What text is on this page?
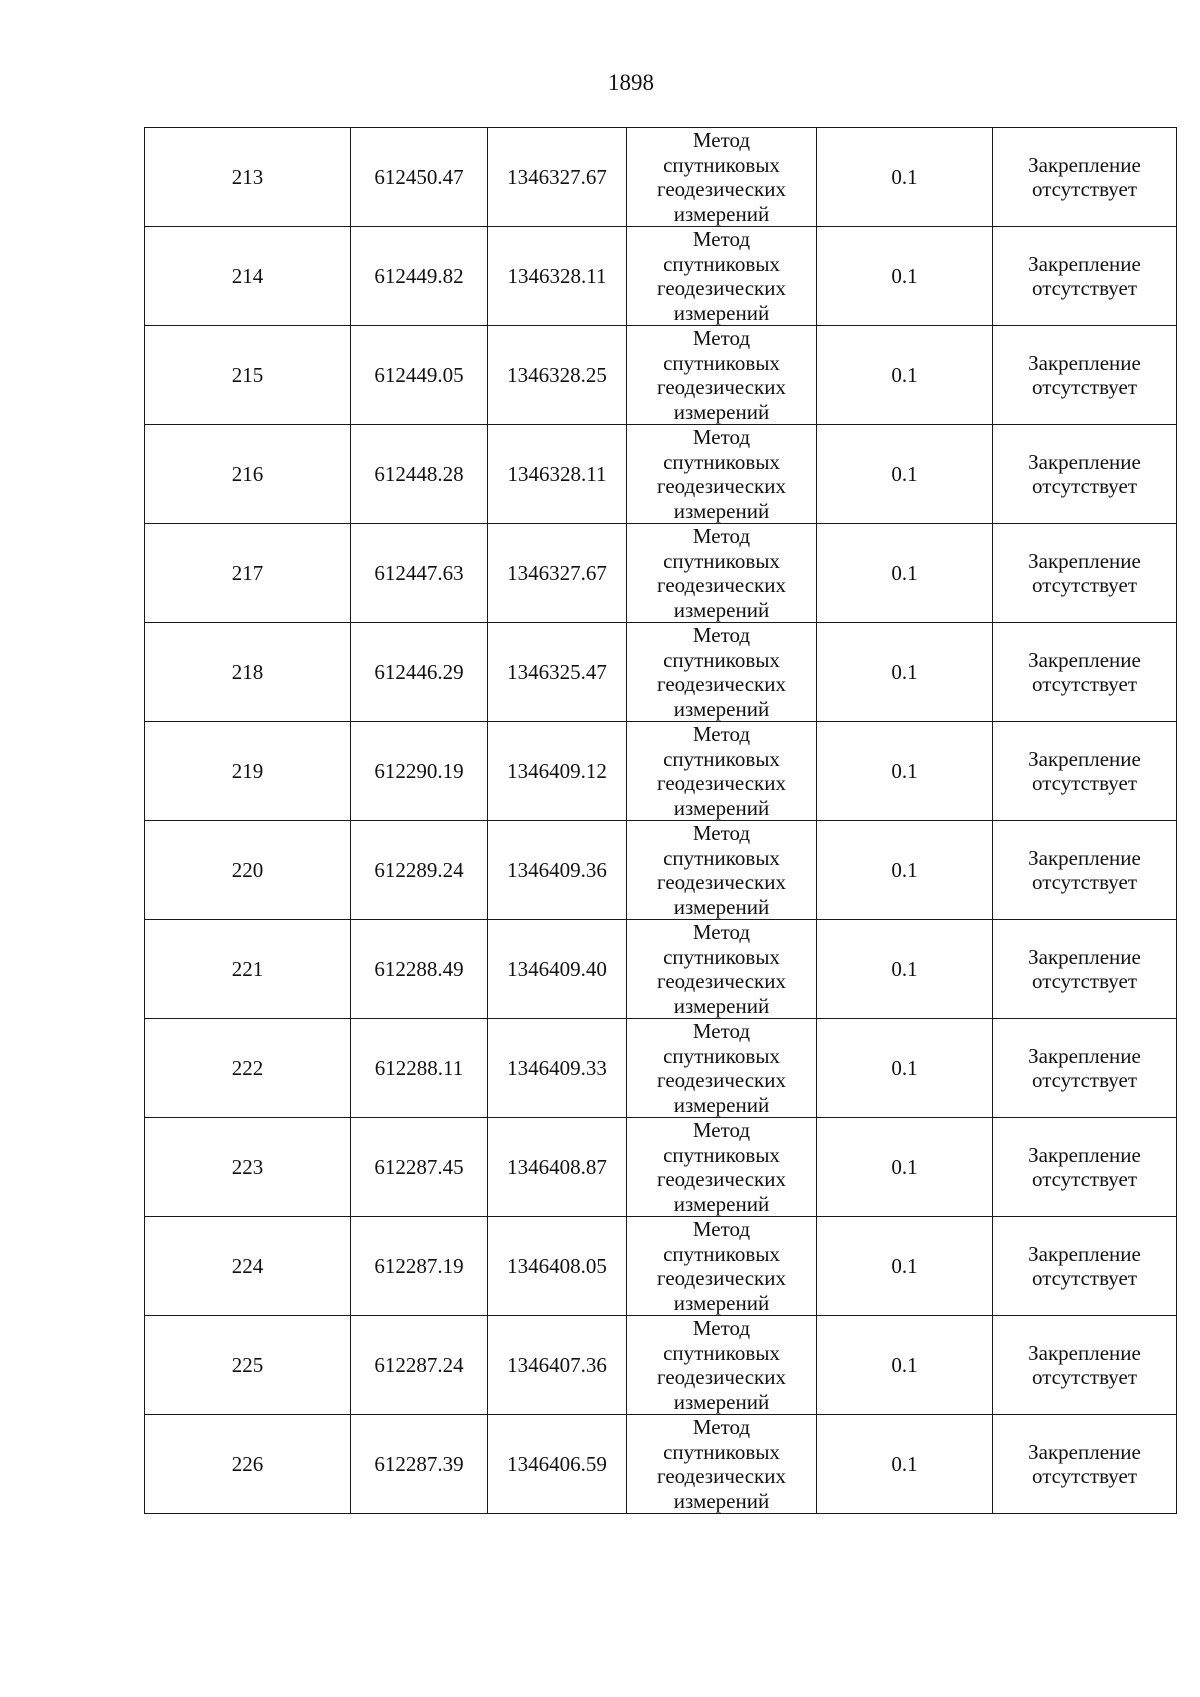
1898
213	612450.47	1346327.67	Метод
спутниковых
геодезических
измерений	0.1	Закрепление
отсутствует

214	612449.82	1346328.11	Метод
спутниковых
геодезических
измерений	0.1	Закрепление
отсутствует

215	612449.05	1346328.25	Метод
спутниковых
геодезических
измерений	0.1	Закрепление
отсутствует

216	612448.28	1346328.11	Метод
спутниковых
геодезических
измерений	0.1	Закрепление
отсутствует

217	612447.63	1346327.67	Метод
спутниковых
геодезических
измерений	0.1	Закрепление
отсутствует

218	612446.29	1346325.47	Метод
спутниковых
геодезических
измерений	0.1	Закрепление
отсутствует

219	612290.19	1346409.12	Метод
спутниковых
геодезических
измерений	0.1	Закрепление
отсутствует

220	612289.24	1346409.36	Метод
спутниковых
геодезических
измерений	0.1	Закрепление
отсутствует

221	612288.49	1346409.40	Метод
спутниковых
геодезических
измерений	0.1	Закрепление
отсутствует

222	612288.11	1346409.33	Метод
спутниковых
геодезических
измерений	0.1	Закрепление
отсутствует

223	612287.45	1346408.87	Метод
спутниковых
геодезических
измерений	0.1	Закрепление
отсутствует

224	612287.19	1346408.05	Метод
спутниковых
геодезических
измерений	0.1	Закрепление
отсутствует

225	612287.24	1346407.36	Метод
спутниковых
геодезических
измерений	0.1	Закрепление
отсутствует

226	612287.39	1346406.59	Метод
спутниковых
геодезических
измерений	0.1	Закрепление
отсутствует
